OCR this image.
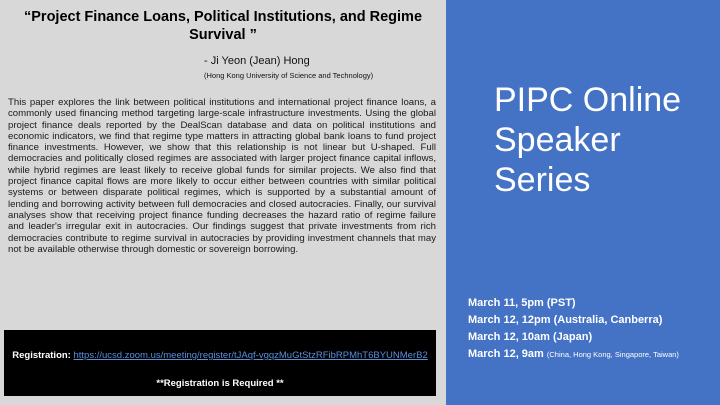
“Project Finance Loans, Political Institutions, and Regime Survival ”
- Ji Yeon (Jean) Hong
(Hong Kong University of Science and Technology)
This paper explores the link between political institutions and international project finance loans, a commonly used financing method targeting large-scale infrastructure investments. Using the global project finance deals reported by the DealScan database and data on political institutions and economic indicators, we find that regime type matters in attracting global bank loans to fund project finance investments. However, we show that this relationship is not linear but U-shaped. Full democracies and politically closed regimes are associated with larger project finance capital inflows, while hybrid regimes are least likely to receive global funds for similar projects. We also find that project finance capital flows are more likely to occur either between countries with similar political systems or between disparate political regimes, which is supported by a substantial amount of lending and borrowing activity between full democracies and closed autocracies. Finally, our survival analyses show that receiving project finance funding decreases the hazard ratio of regime failure and leader's irregular exit in autocracies. Our findings suggest that private investments from rich democracies contribute to regime survival in autocracies by providing investment channels that may not be available otherwise through domestic or sovereign borrowing.
Registration: https://ucsd.zoom.us/meeting/register/tJAqf-vgqzMuGtStzRFibRPMhT6BYUNMerB2
**Registration is Required **
PIPC Online Speaker Series
March 11, 5pm (PST)
March 12, 12pm (Australia, Canberra)
March 12, 10am (Japan)
March 12, 9am (China, Hong Kong, Singapore, Taiwan)
